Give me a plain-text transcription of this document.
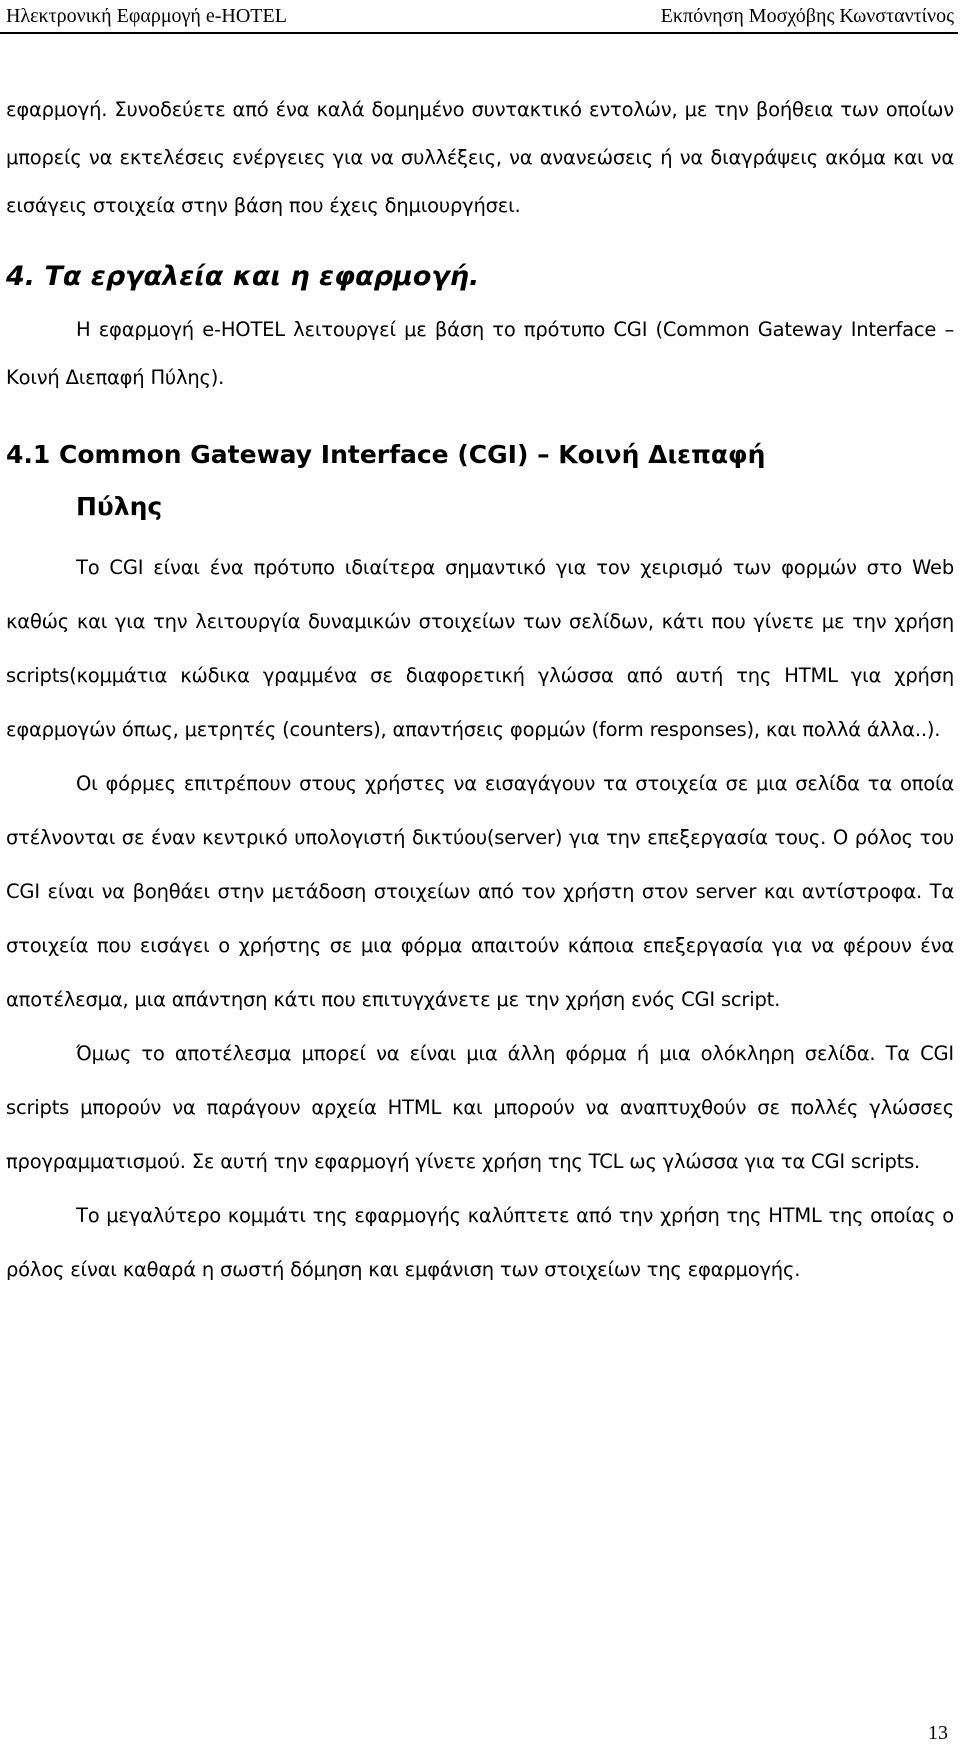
Ηλεκτρονική Εφαρμογή e-HOTEL	Εκπόνηση Μοσχόβης Κωνσταντίνος

εφαρμογή. Συνοδεύετε από ένα καλά δομημένο συντακτικό εντολών, με την βοήθεια των οποίων μπορείς να εκτελέσεις ενέργειες για να συλλέξεις, να ανανεώσεις ή να διαγράψεις ακόμα και να εισάγεις στοιχεία στην βάση που έχεις δημιουργήσει.

4. Τα εργαλεία και η εφαρμογή.

Η εφαρμογή e-HOTEL λειτουργεί με βάση το πρότυπο CGI (Common Gateway Interface – Κοινή Διεπαφή Πύλης).

4.1 Common Gateway Interface (CGI) – Κοινή Διεπαφή
Πύλης

Το CGI είναι ένα πρότυπο ιδιαίτερα σημαντικό για τον χειρισμό των φορμών στο Web καθώς και για την λειτουργία δυναμικών στοιχείων των σελίδων, κάτι που γίνετε με την χρήση scripts(κομμάτια κώδικα γραμμένα σε διαφορετική γλώσσα από αυτή της HTML για χρήση εφαρμογών όπως, μετρητές (counters), απαντήσεις φορμών (form responses), και πολλά άλλα..).

Οι φόρμες επιτρέπουν στους χρήστες να εισαγάγουν τα στοιχεία σε μια σελίδα τα οποία στέλνονται σε έναν κεντρικό υπολογιστή δικτύου(server) για την επεξεργασία τους. Ο ρόλος του CGI είναι να βοηθάει στην μετάδοση στοιχείων από τον χρήστη στον server και αντίστροφα. Τα στοιχεία που εισάγει ο χρήστης σε μια φόρμα απαιτούν κάποια επεξεργασία για να φέρουν ένα αποτέλεσμα, μια απάντηση κάτι που επιτυγχάνετε με την χρήση ενός CGI script.

Όμως το αποτέλεσμα μπορεί να είναι μια άλλη φόρμα ή μια ολόκληρη σελίδα. Τα CGI scripts μπορούν να παράγουν αρχεία HTML και μπορούν να αναπτυχθούν σε πολλές γλώσσες προγραμματισμού. Σε αυτή την εφαρμογή γίνετε χρήση της TCL ως γλώσσα για τα CGI scripts.

Το μεγαλύτερο κομμάτι της εφαρμογής καλύπτετε από την χρήση της HTML της οποίας ο ρόλος είναι καθαρά η σωστή δόμηση και εμφάνιση των στοιχείων της εφαρμογής.

13
